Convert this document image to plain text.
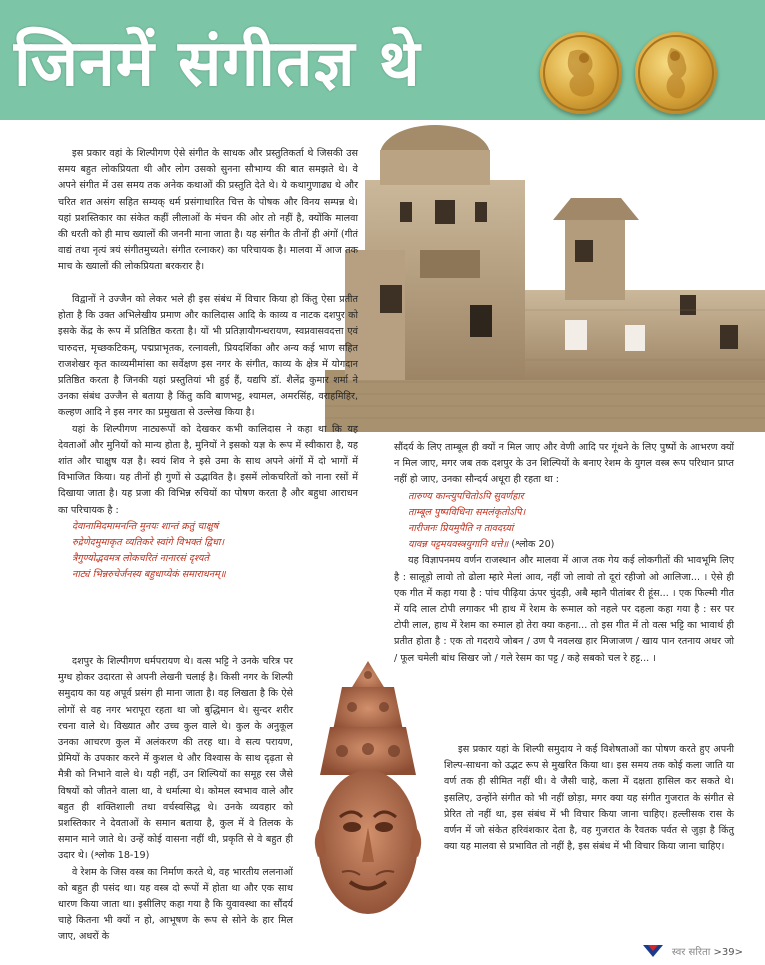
जिनमें संगीतज्ञ थे

इस प्रकार वहां के शिल्पीगण ऐसे संगीत के साधक और प्रस्तुतिकर्ता थे जिसकी उस समय बहुत लोकप्रियता थी और लोग उसको सुनना सौभाग्य की बात समझते थे। वे अपने संगीत में उस समय तक अनेक कथाओं की प्रस्तुति देते थे। ये कथागुणाढ्य थे और चरित शत असंग सहित सम्यक् धर्म प्रसंगाधारित चित्त के पोषक और विनय सम्पन्न थे। यहां प्रशस्तिकार का संकेत कहीं लीलाओं के मंचन की ओर तो नहीं है, क्योंकि मालवा की धरती को ही माच ख्यालों की जननी माना जाता है। यह संगीत के तीनों ही अंगों (गीतं वाद्यं तथा नृत्यं त्रयं संगीतमुच्यते। संगीत रत्नाकर) का परिचायक है। मालवा में आज तक माच के ख्यालों की लोकप्रियता बरकरार है।

विद्वानों ने उज्जैन को लेकर भले ही इस संबंध में विचार किया हो किंतु ऐसा प्रतीत होता है कि उक्त अभिलेखीय प्रमाण और कालिदास आदि के काव्य व नाटक दशपुर को इसके केंद्र के रूप में प्रतिष्ठित करता है। यों भी प्रतिज्ञायौगन्धरायण, स्वप्नवासवदत्ता एवं चारुदत्त, मृच्छकटिकम्, पद्मप्राभृतक, रत्नावली, प्रियदर्शिका और अन्य कई भाण सहित राजशेखर कृत काव्यमीमांसा का सर्वेक्षण इस नगर के संगीत, काव्य के क्षेत्र में योगदान प्रतिष्ठित करता है जिनकी यहां प्रस्तुतियां भी हुई हैं, यद्यपि डॉ. शैलेंद्र कुमार शर्मा ने उनका संबंध उज्जैन से बताया है किंतु कवि बाणभट्ट, श्यामल, अमरसिंह, वराहमिहिर, कल्हण आदि ने इस नगर का प्रमुखता से उल्लेख किया है।

यहां के शिल्पीगण नाट्यरूपों को देखकर कभी कालिदास ने कहा था कि यह देवताओं और मुनियों को मान्य होता है, मुनियों ने इसको यज्ञ के रूप में स्वीकारा है, यह शांत और चाक्षुष यज्ञ है। स्वयं शिव ने इसे उमा के साथ अपने अंगों में दो भागों में विभाजित किया। यह तीनों ही गुणों से उद्भावित है। इसमें लोकचरितों को नाना रसों में दिखाया जाता है। यह प्रजा की विभिन्न रुचियों का पोषण करता है और बहुधा आराधन का परिचायक है :

देवानामिदमामनन्ति मुनयः शान्तं क्रतुं चाक्षुषं
रुद्रेणेदमुमाकृत व्यतिकरे स्वांगे विभक्तं द्विधा।
त्रैगुण्योद्भवमत्र लोकचरितं नानारसं दृश्यते
नाट्यं भिन्नरुचेर्जनस्य बहुधाप्येकं समाराधनम्॥

दशपुर के शिल्पीगण धर्मपरायण थे। वत्स भट्टि ने उनके चरित्र पर मुग्ध होकर उदारता से अपनी लेखनी चलाई है। किसी नगर के शिल्पी समुदाय का यह अपूर्व प्रसंग ही माना जाता है। वह लिखता है कि ऐसे लोगों से वह नगर भरापूरा रहता था जो बुद्धिमान थे। सुन्दर शरीर रचना वाले थे। विख्यात और उच्च कुल वाले थे। कुल के अनुकूल उनका आचरण कुल में अलंकरण की तरह था। वे सत्य परायण, प्रेमियों के उपकार करने में कुशल थे और विश्वास के साथ दृढ़ता से मैत्री को निभाने वाले थे। यही नहीं, उन शिल्पियों का समूह रस जैसे विषयों को जीतने वाला था, वे धर्मात्मा थे। कोमल स्वभाव वाले और बहुत ही शक्तिशाली तथा वर्चस्वसिद्ध थे। उनके व्यवहार को प्रशस्तिकार ने देवताओं के समान बताया है, कुल में वे तिलक के समान माने जाते थे। उन्हें कोई वासना नहीं थी, प्रकृति से वे बहुत ही उदार थे। (श्लोक 18-19)

वे रेशम के जिस वस्त्र का निर्माण करते थे, वह भारतीय ललनाओं को बहुत ही पसंद था। यह वस्त्र दो रूपों में होता था और एक साथ धारण किया जाता था। इसीलिए कहा गया है कि युवावस्था का सौंदर्य चाहे कितना भी क्यों न हो, आभूषण के रूप से सोने के हार मिल जाए, अधरों के

सौंदर्य के लिए ताम्बूल ही क्यों न मिल जाए और वेणी आदि पर गूंथने के लिए पुष्पों के आभरण क्यों न मिल जाए, मगर जब तक दशपुर के उन शिल्पियों के बनाए रेशम के युगल वस्त्र रूप परिधान प्राप्त नहीं हो जाए, उनका सौन्दर्य अधूरा ही रहता था :

तारुण्य कान्त्युपचितोऽपि सुवर्णहार
ताम्बूल पुष्पविधिना समलंकृतोऽपि।
नारीजनः प्रियमुपैति न तावदग्र्यां
यावन्न पट्टमयवस्त्रयुगानि धत्ते॥ (श्लोक 20)

यह विज्ञापनमय वर्णन राजस्थान और मालवा में आज तक गेय कई लोकगीतों की भावभूमि लिए है : सालूड़ो लावो तो ढोला म्हारे मेलां आव, नहीं जो लावो तो दूरां रहीजो ओ आलिजा... । ऐसे ही एक गीत में कहा गया है : पांच पीढ़िया ऊंपर चुंदड़ी, अबै म्हानै पीतांबर री हूंस... । एक फिल्मी गीत में यदि लाल टोपी लगाकर भी हाथ में रेशम के रूमाल को नहले पर दहला कहा गया है : सर पर टोपी लाल, हाथ में रेशम का रुमाल हो तेरा क्या कहना... तो इस गीत में तो वत्स भट्टि का भावार्थ ही प्रतीत होता है : एक तो गदराये जोबन / उण पै नवलख हार मिजाजण / खाय पान रतनाय अधर जो / फूल चमेली बांध सिखर जो / गले रेसम का पट्ट / कहे सबको चल रे हट्ट... ।

इस प्रकार यहां के शिल्पी समुदाय ने कई विशेषताओं का पोषण करते हुए अपनी शिल्प-साधना को उद्भट रूप से मुखरित किया था। इस समय तक कोई कला जाति या वर्ण तक ही सीमित नहीं थी। वे जैसी चाहे, कला में दक्षता हासिल कर सकते थे। इसलिए, उन्होंने संगीत को भी नहीं छोड़ा, मगर क्या यह संगीत गुजरात के संगीत से प्रेरित तो नहीं था, इस संबंध में भी विचार किया जाना चाहिए। हल्लीसक रास के वर्णन में जो संकेत हरिवंशकार देता है, वह गुजरात के रैवतक पर्वत से जुड़ा है किंतु क्या यह मालवा से प्रभावित तो नहीं है, इस संबंध में भी विचार किया जाना चाहिए।

स्वर सरिता >39>
